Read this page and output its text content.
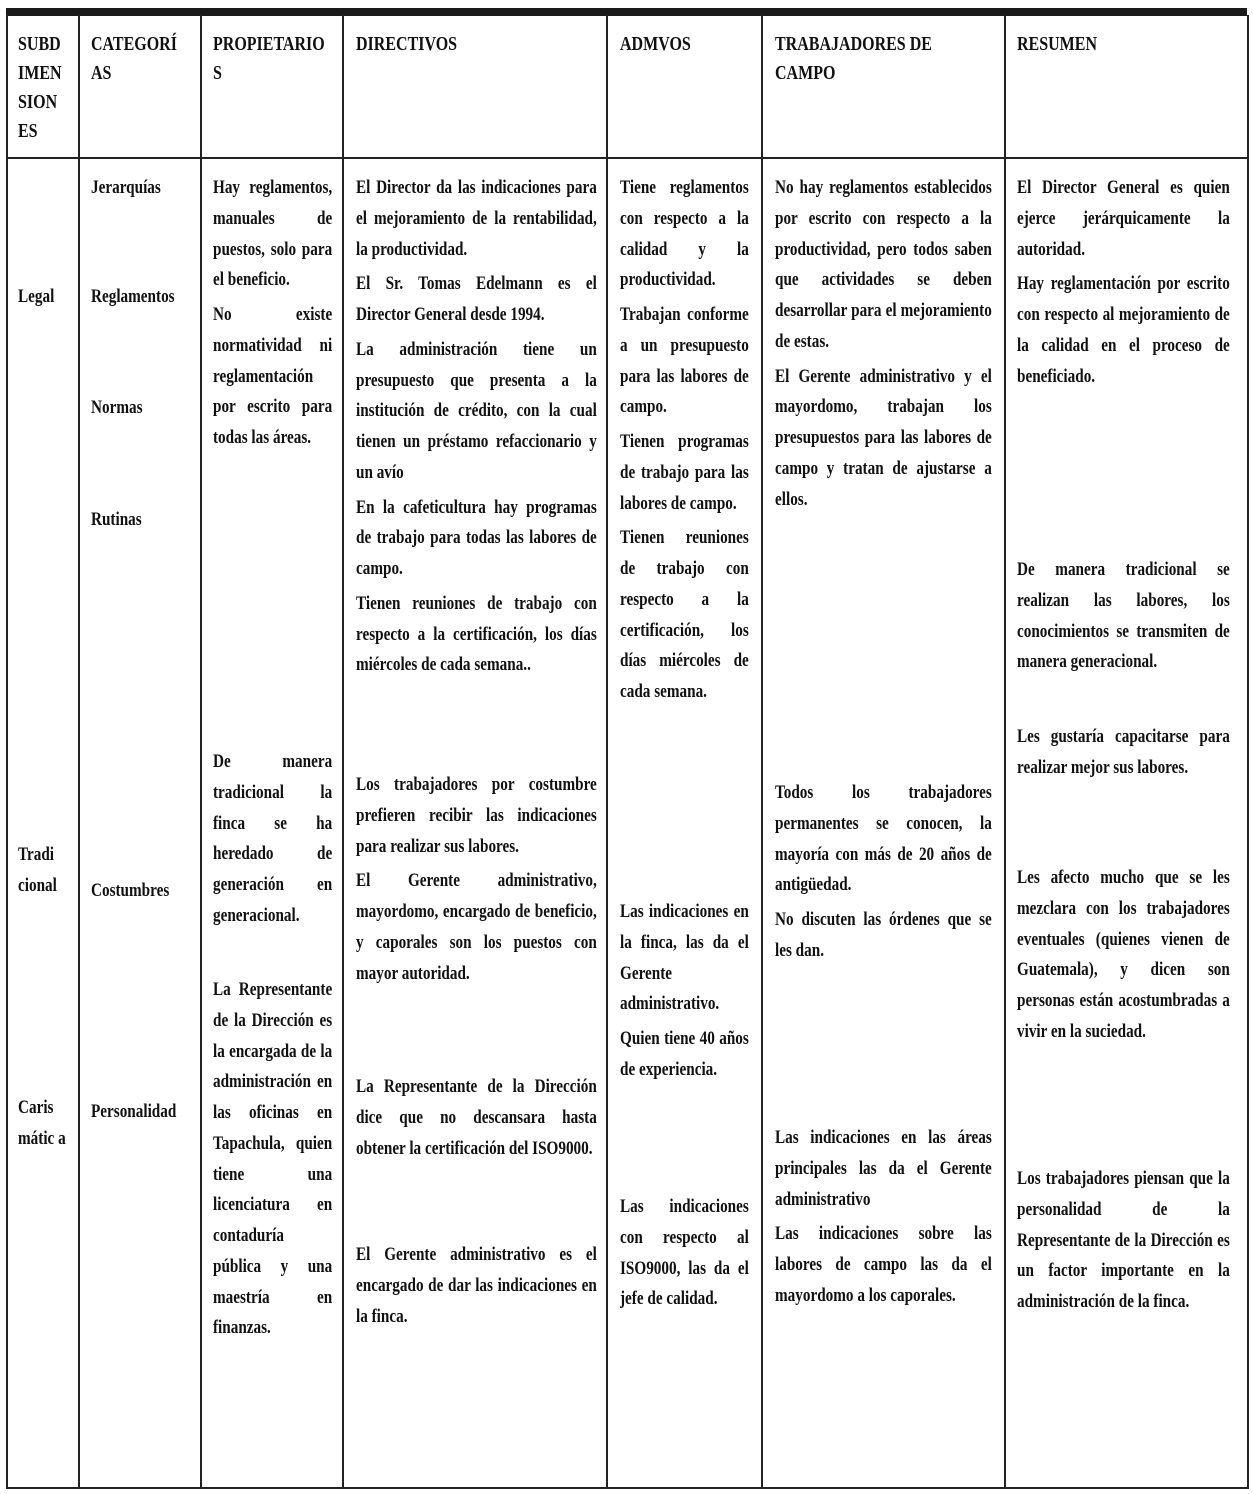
SUBD IMEN SION ES
CATEGORÍ AS
PROPIETARIO S
DIRECTIVOS	ADMVOS	TRABAJADORES DE CAMPO
RESUMEN
Legal
Tradi cional
Caris mátic a
Jerarquías
Reglamentos
Normas
Rutinas
Costumbres
Personalidad

Hay reglamentos, manuales de puestos, solo para el beneficio.

No existe normatividad ni reglamentación por escrito para todas las áreas.

De manera tradicional la finca se ha heredado de generación en generacional.

La Representante de la Dirección es la encargada de la administración en las oficinas en Tapachula, quien tiene una licenciatura en contaduría pública y una maestría en finanzas.

El Director da las indicaciones para el mejoramiento de la rentabilidad, la productividad.

El Sr. Tomas Edelmann es el Director General desde 1994.

La administración tiene un presupuesto que presenta a la institución de crédito, con la cual tienen un préstamo refaccionario y un avío

En la cafeticultura hay programas de trabajo para todas las labores de campo.

Tienen reuniones de trabajo con respecto a la certificación, los días miércoles de cada semana..

Los trabajadores por costumbre prefieren recibir las indicaciones para realizar sus labores.

El Gerente administrativo, mayordomo, encargado de beneficio, y caporales son los puestos con mayor autoridad.

La Representante de la Dirección dice que no descansara hasta obtener la certificación del ISO9000.

El Gerente administrativo es el encargado de dar las indicaciones en la finca.

Tiene reglamentos con respecto a la calidad y la productividad.

Trabajan conforme a un presupuesto para las labores de campo.

Tienen programas de trabajo para las labores de campo.

Tienen reuniones de trabajo con respecto a la certificación, los días miércoles de cada semana.

Las indicaciones en la finca, las da el Gerente administrativo.

Quien tiene 40 años de experiencia.

Las indicaciones con respecto al ISO9000, las da el jefe de calidad.

No hay reglamentos establecidos por escrito con respecto a la productividad, pero todos saben que actividades se deben desarrollar para el mejoramiento de estas.

El Gerente administrativo y el mayordomo, trabajan los presupuestos para las labores de campo y tratan de ajustarse a ellos.

Todos los trabajadores permanentes se conocen, la mayoría con más de 20 años de antigüedad.

No discuten las órdenes que se les dan.

Las indicaciones en las áreas principales las da el Gerente administrativo

Las indicaciones sobre las labores de campo las da el mayordomo a los caporales.

El Director General es quien ejerce jerárquicamente la autoridad.

Hay reglamentación por escrito con respecto al mejoramiento de la calidad en el proceso de beneficiado.

De manera tradicional se realizan las labores, los conocimientos se transmiten de manera generacional.

Les gustaría capacitarse para realizar mejor sus labores.

Les afecto mucho que se les mezclara con los trabajadores eventuales (quienes vienen de Guatemala), y dicen son personas están acostumbradas a vivir en la suciedad.

Los trabajadores piensan que la personalidad de la Representante de la Dirección es un factor importante en la administración de la finca.
